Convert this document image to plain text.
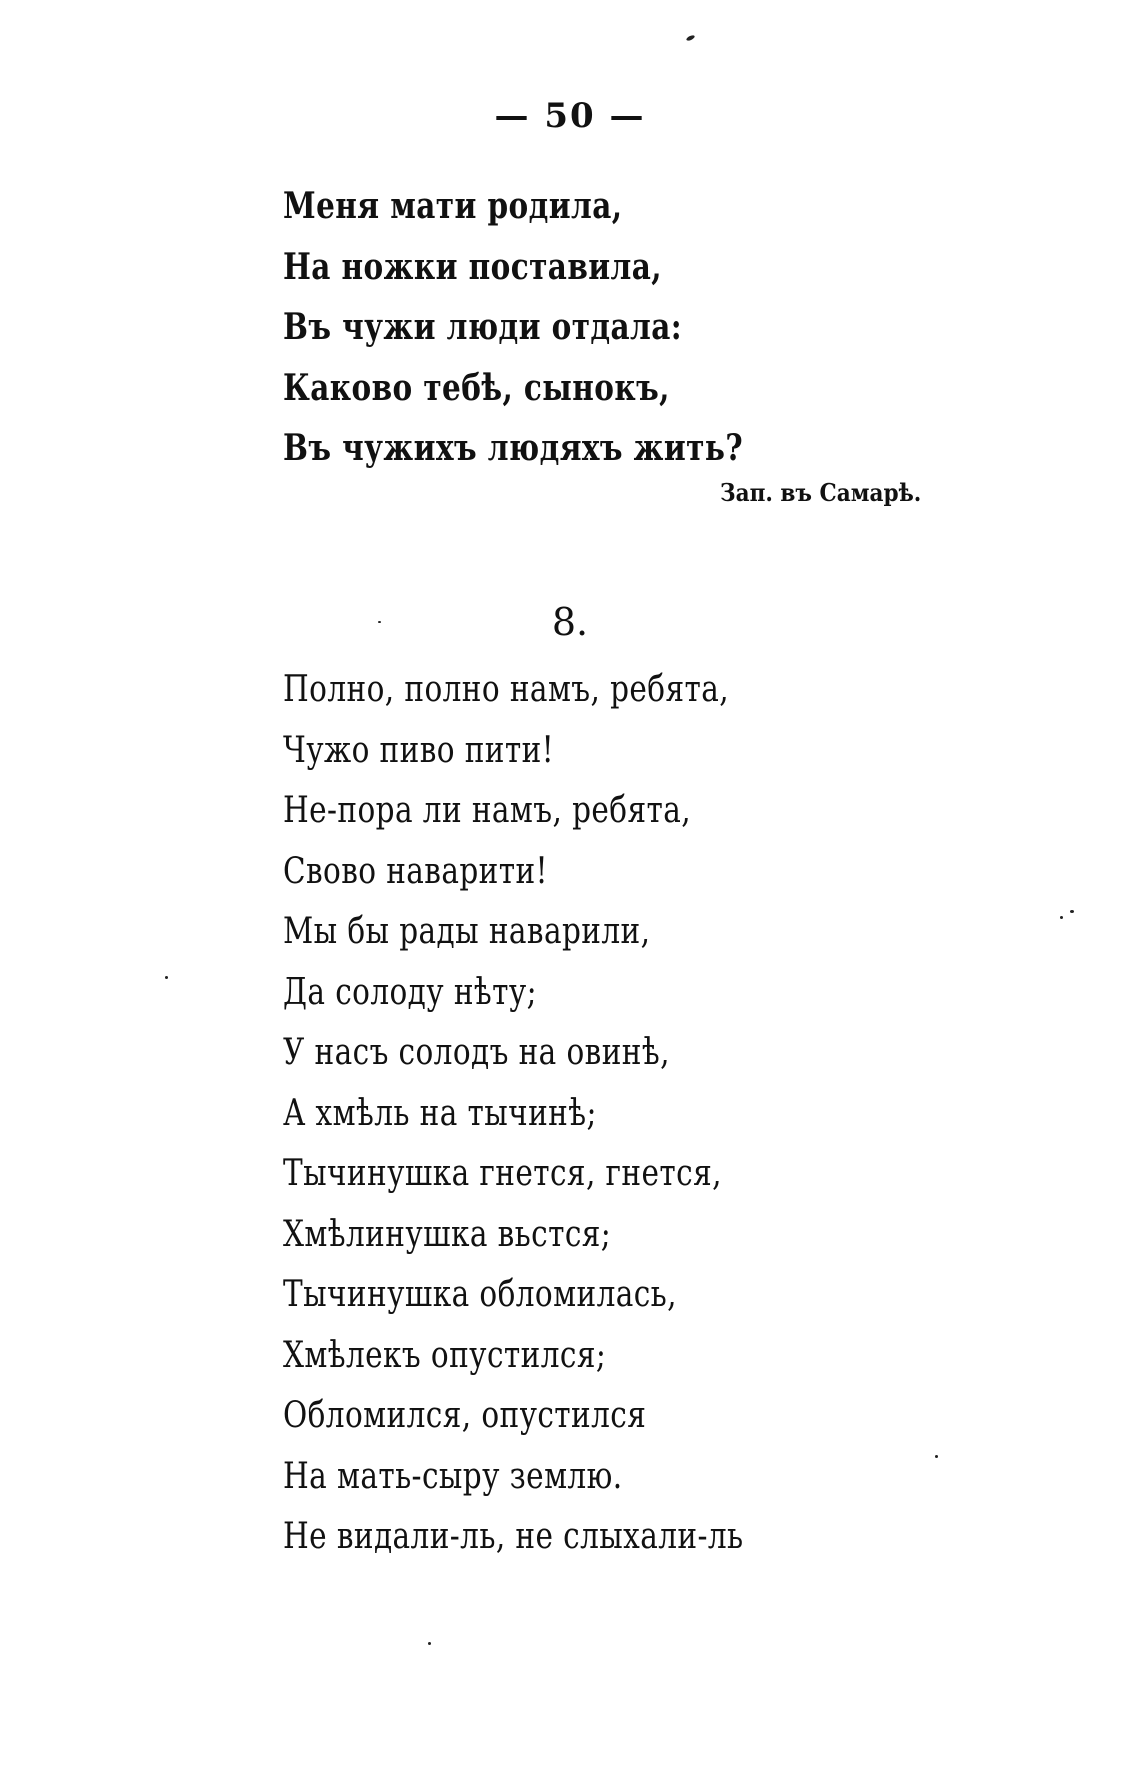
— 50 —
Меня мати родила,
На ножки поставила,
Въ чужи люди отдала:
Каково тебѣ, сынокъ,
Въ чужихъ людяхъ жить?
Зап. въ Самарѣ.
8.
Полно, полно намъ, ребята,
Чужо пиво пити!
Не-пора ли намъ, ребята,
Свово наварити!
Мы бы рады наварили,
Да солоду нѣту;
У насъ солодъ на овинѣ,
А хмѣль на тычинѣ;
Тычинушка гнется, гнется,
Хмѣлинушка вьстся;
Тычинушка обломилась,
Хмѣлекъ опустился;
Обломился, опустился
На мать-сыру землю.
Не видали-ль, не слыхали-ль
